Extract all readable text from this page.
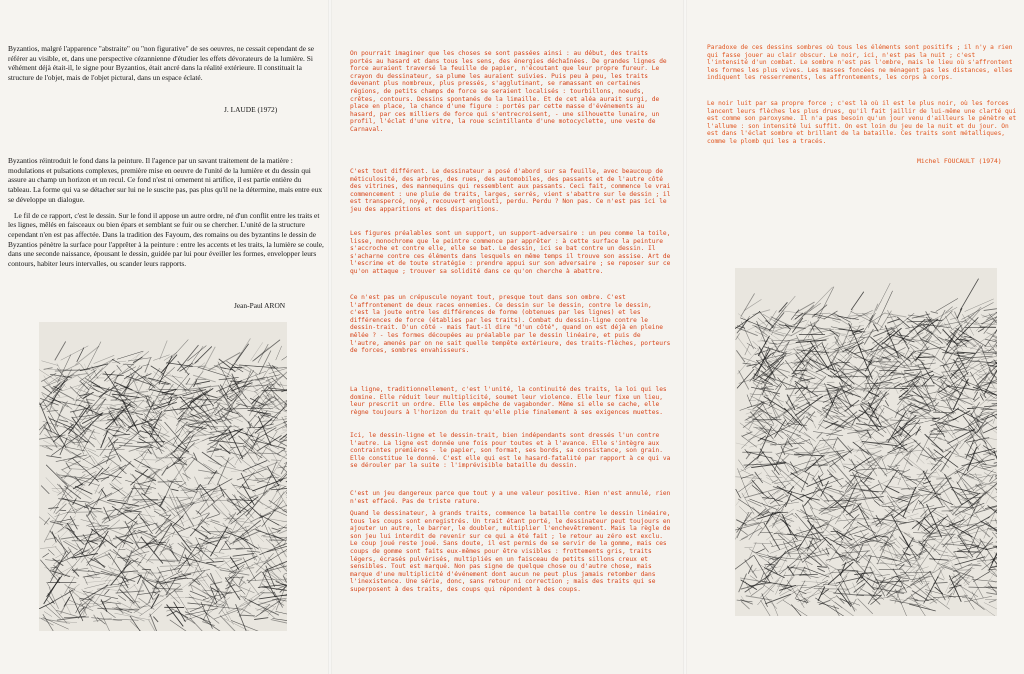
Byzantios, malgré l'apparence "abstraite" ou "non figurative" de ses oeuvres, ne cessait cependant de se référer au visible, et, dans une perspective cézannienne d'étudier les effets dévorateurs de la lumière. Si véhément déjà était-il, le signe pour Byzantios, était ancré dans la réalité extérieure. Il constituait la structure de l'objet, mais de l'objet pictural, dans un espace éclaté.

J. LAUDE (1972)

Byzantios réintroduit le fond dans la peinture. Il l'agence par un savant traitement de la matière : modulations et pulsations complexes, première mise en oeuvre de l'unité de la lumière et du dessin qui assure au champ un horizon et un recul. Ce fond n'est ni ornement ni artifice, il est partie entière du tableau. La forme qui va se détacher sur lui ne le suscite pas, pas plus qu'il ne la détermine, mais entre eux se développe un dialogue.

Le fil de ce rapport, c'est le dessin. Sur le fond il appose un autre ordre, né d'un conflit entre les traits et les lignes, mêlés en faisceaux ou bien épars et semblant se fuir ou se chercher. L'unité de la structure cependant n'en est pas affectée. Dans la tradition des Fayoum, des romains ou des byzantins le dessin de Byzantios pénètre la surface pour l'apprêter à la peinture : entre les accents et les traits, la lumière se coule, dans une seconde naissance, épousant le dessin, guidée par lui pour éveiller les formes, envelopper leurs contours, habiter leurs intervalles, ou scander leurs rapports.

Jean-Paul ARON

On pourrait imaginer que les choses se sont passées ainsi : au début, des traits portés au hasard et dans tous les sens, des énergies déchaînées. De grandes lignes de force auraient traversé la feuille de papier, n'écoutant que leur propre fureur. Le crayon du dessinateur, sa plume les auraient suivies. Puis peu à peu, les traits devenant plus nombreux, plus pressés, s'agglutinant, se ramassant en certaines régions, de petits champs de force se seraient localisés : tourbillons, noeuds, crêtes, contours. Dessins spontanés de la limaille. Et de cet aléa aurait surgi, de place en place, la chance d'une figure : portés par cette masse d'événements au hasard, par ces milliers de force qui s'entrecroisent, - une silhouette lunaire, un profil, l'éclat d'une vitre, la roue scintillante d'une motocyclette, une veste de Carnaval.

C'est tout différent. Le dessinateur a posé d'abord sur sa feuille, avec beaucoup de méticulosité, des arbres, des rues, des automobiles, des passants et de l'autre côté des vitrines, des mannequins qui ressemblent aux passants. Ceci fait, commence le vrai commencement : une pluie de traits, larges, serrés, vient s'abattre sur le dessin ; il est transpercé, noyé, recouvert englouti, perdu. Perdu ? Non pas. Ce n'est pas ici le jeu des apparitions et des disparitions.

Les figures préalables sont un support, un support-adversaire : un peu comme la toile, lisse, monochrome que le peintre commence par apprêter : à cette surface la peinture s'accroche et contre elle, elle se bat. Le dessin, ici se bat contre un dessin. Il s'acharne contre ces éléments dans lesquels en même temps il trouve son assise. Art de l'escrime et de toute stratégie : prendre appui sur son adversaire ; se reposer sur ce qu'on attaque ; trouver sa solidité dans ce qu'on cherche à abattre.

Ce n'est pas un crépuscule noyant tout, presque tout dans son ombre. C'est l'affrontement de deux races ennemies. Ce dessin sur le dessin, contre le dessin, c'est la joute entre les différences de forme (obtenues par les lignes) et les différences de force (établies par les traits). Combat du dessin-ligne contre le dessin-trait. D'un côté - mais faut-il dire "d'un côté", quand on est déjà en pleine mêlée ? - les formes découpées au préalable par le dessin linéaire, et puis de l'autre, amenés par on ne sait quelle tempête extérieure, des traits-flèches, porteurs de forces, sombres envahisseurs.

La ligne, traditionnellement, c'est l'unité, la continuité des traits, la loi qui les domine. Elle réduit leur multiplicité, soumet leur violence. Elle leur fixe un lieu, leur prescrit un ordre. Elle les empêche de vagabonder. Même si elle se cache, elle règne toujours à l'horizon du trait qu'elle plie finalement à ses exigences muettes.

Ici, le dessin-ligne et le dessin-trait, bien indépendants sont dressés l'un contre l'autre. La ligne est donnée une fois pour toutes et à l'avance. Elle s'intègre aux contraintes premières - le papier, son format, ses bords, sa consistance, son grain. Elle constitue le donné. C'est elle qui est le hasard-fatalité par rapport à ce qui va se dérouler par la suite : l'imprévisible bataille du dessin.

C'est un jeu dangereux parce que tout y a une valeur positive. Rien n'est annulé, rien n'est effacé. Pas de triste rature.

Quand le dessinateur, à grands traits, commence la bataille contre le dessin linéaire, tous les coups sont enregistrés. Un trait étant porté, le dessinateur peut toujours en ajouter un autre, le barrer, le doubler, multiplier l'enchevêtrement. Mais la règle de son jeu lui interdit de revenir sur ce qui a été fait ; le retour au zéro est exclu. Le coup joué reste joué. Sans doute, il est permis de se servir de la gomme, mais ces coups de gomme sont faits eux-mêmes pour être visibles : frottements gris, traits légers, écrasés pulvérisés, multipliés en un faisceau de petits sillons creux et sensibles. Tout est marqué. Non pas signe de quelque chose ou d'autre chose, mais marque d'une multiplicité d'événement dont aucun ne peut plus jamais retomber dans l'inexistence. Une série, donc, sans retour ni correction ; mais des traits qui se superposent à des traits, des coups qui répondent à des coups.

Paradoxe de ces dessins sombres où tous les éléments sont positifs ; il n'y a rien qui fasse jouer au clair obscur. Le noir, ici, n'est pas la nuit ; c'est l'intensité d'un combat. Le sombre n'est pas l'ombre, mais le lieu où s'affrontent les formes les plus vives. Les masses foncées ne ménagent pas les distances, elles indiquent les resserrements, les affrontements, les corps à corps.

Le noir luit par sa propre force ; c'est là où il est le plus noir, où les forces lancent leurs flèches les plus drues, qu'il fait jaillir de lui-même une clarté qui est comme son paroxysme. Il n'a pas besoin qu'un jour venu d'ailleurs le pénètre et l'allume : son intensité lui suffit. On est loin du jeu de la nuit et du jour. On est dans l'éclat sombre et brillant de la bataille. Ces traits sont métalliques, comme le plomb qui les a tracés.

Michel FOUCAULT (1974)
